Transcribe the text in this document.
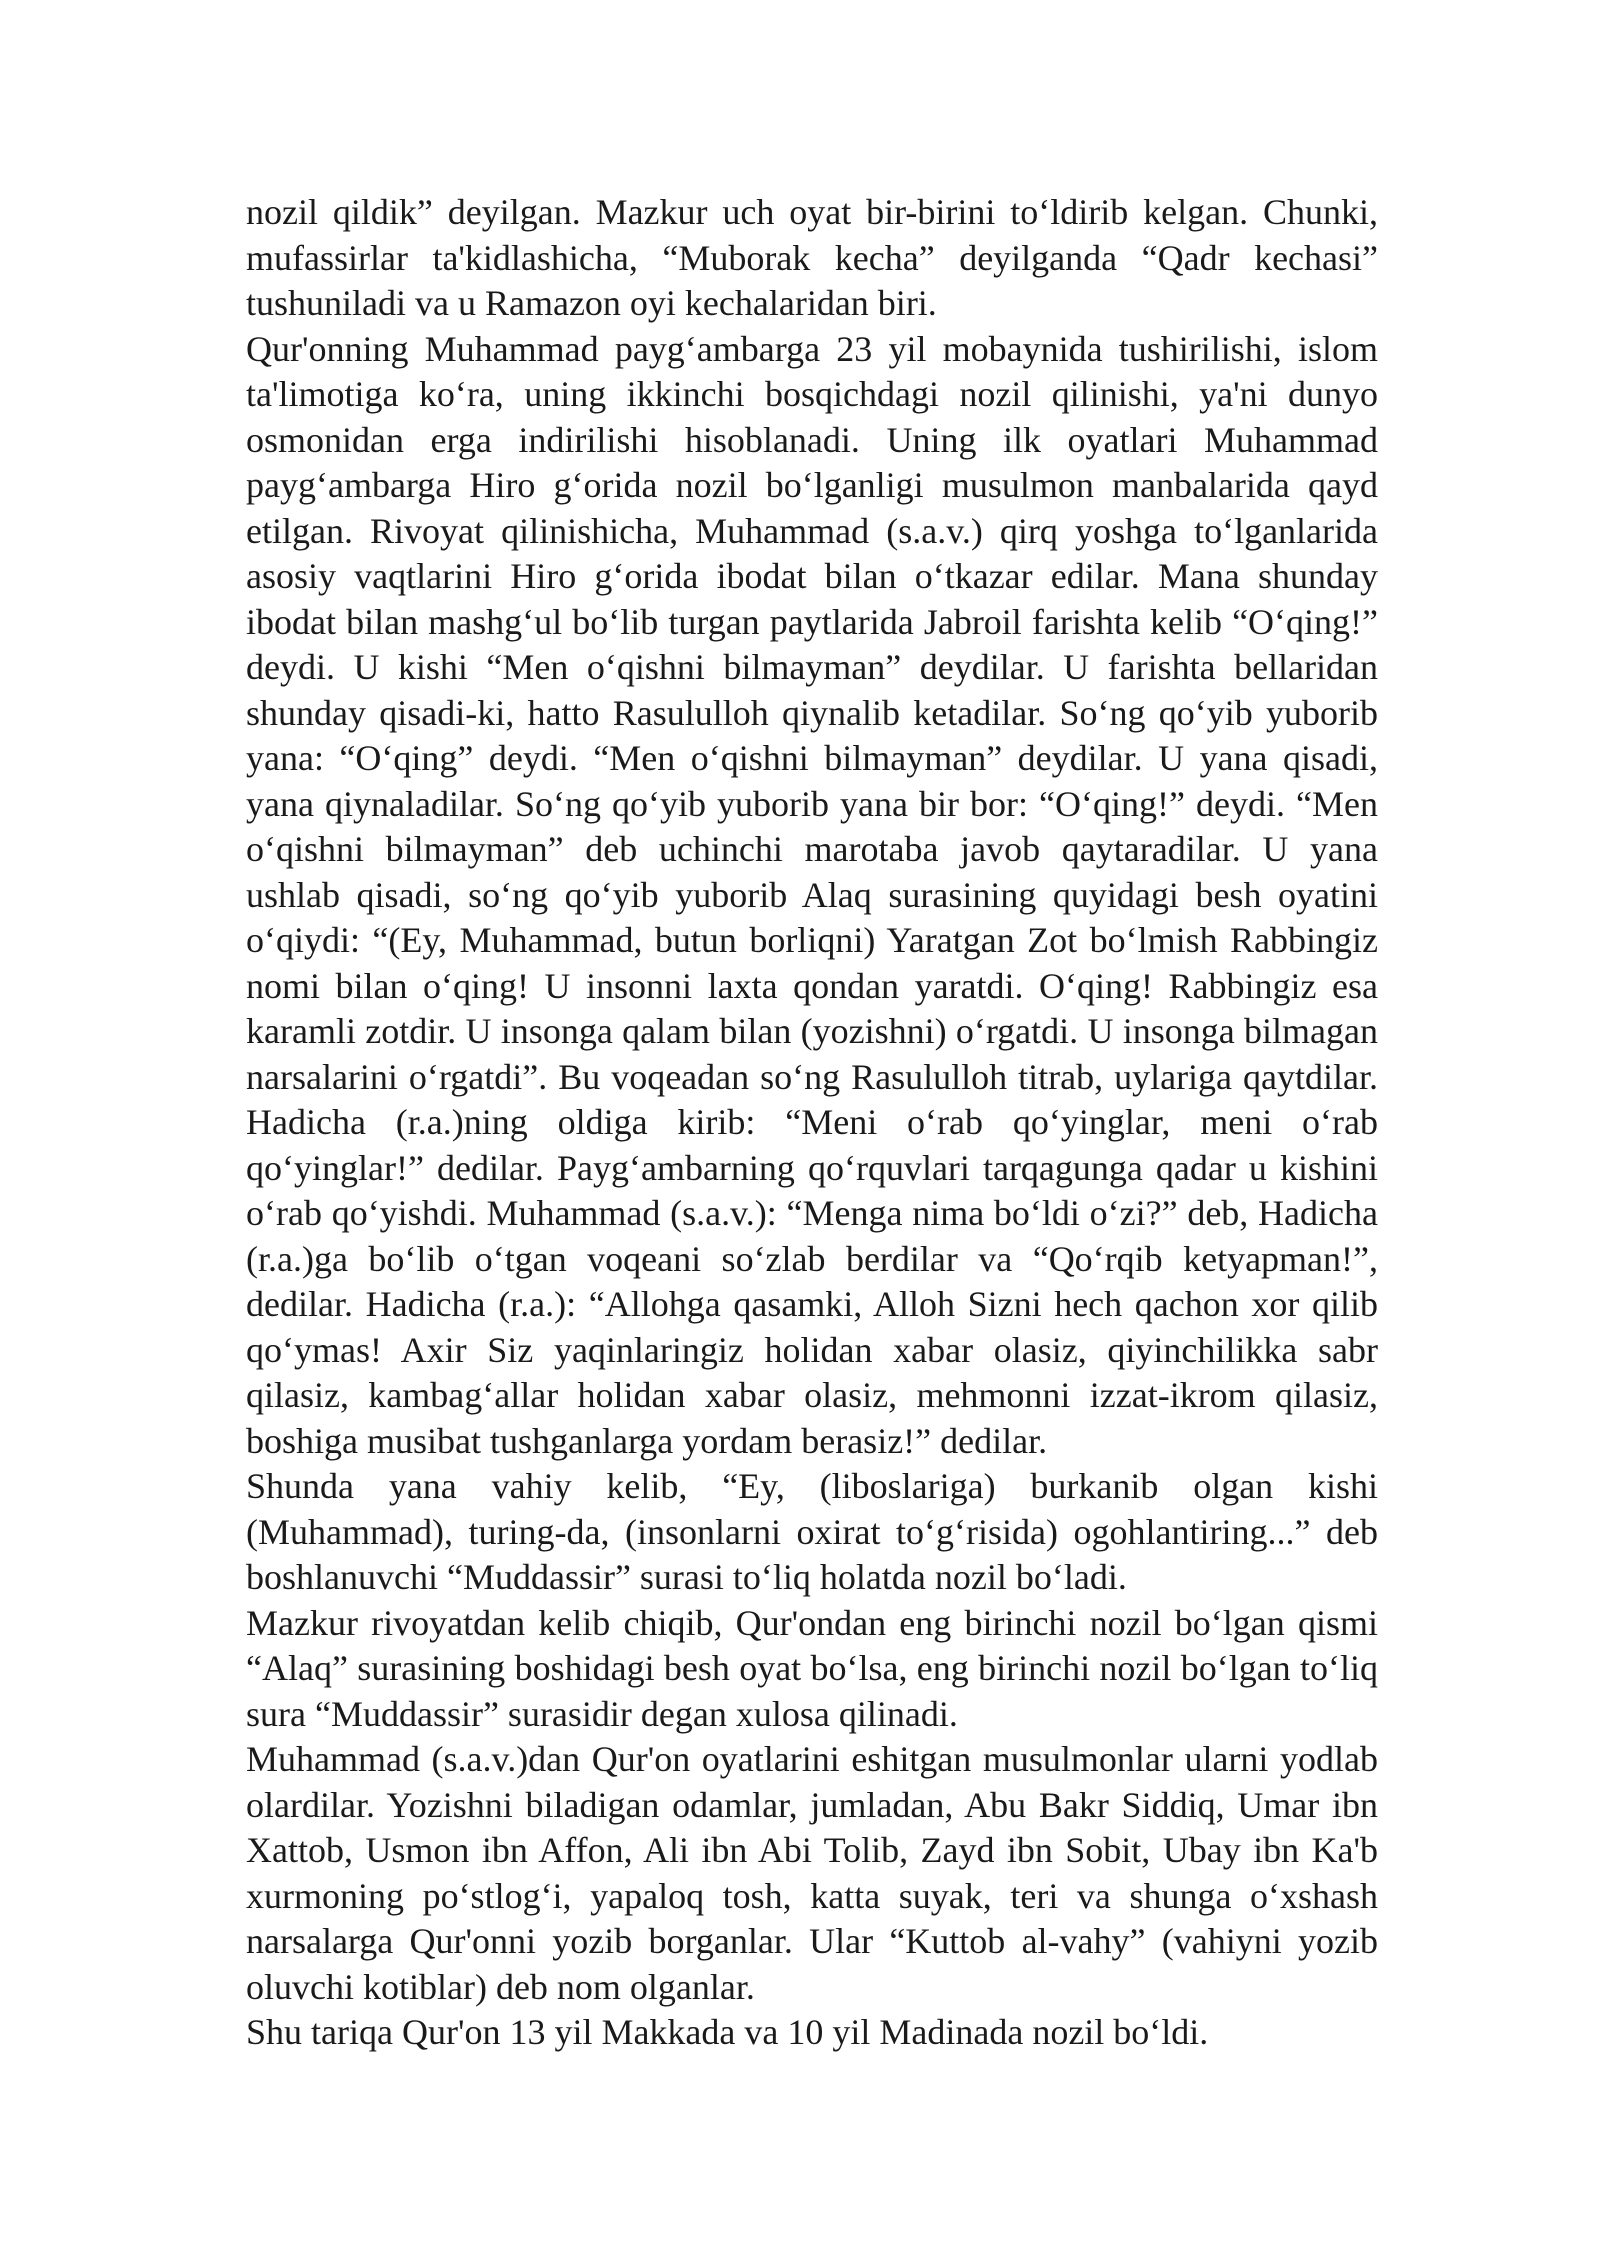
nozil qildik” deyilgan. Mazkur uch oyat bir-birini to‘ldirib kelgan. Chunki, mufassirlar ta'kidlashicha, “Muborak kecha” deyilganda “Qadr kechasi” tushuniladi va u Ramazon oyi kechalaridan biri.

Qur'onning Muhammad payg‘ambarga 23 yil mobaynida tushirilishi, islom ta'limotiga ko‘ra, uning ikkinchi bosqichdagi nozil qilinishi, ya'ni dunyo osmonidan erga indirilishi hisoblanadi. Uning ilk oyatlari Muhammad payg‘ambarga Hiro g‘orida nozil bo‘lganligi musulmon manbalarida qayd etilgan. Rivoyat qilinishicha, Muhammad (s.a.v.) qirq yoshga to‘lganlarida asosiy vaqtlarini Hiro g‘orida ibodat bilan o‘tkazar edilar. Mana shunday ibodat bilan mashg‘ul bo‘lib turgan paytlarida Jabroil farishta kelib “O‘qing!” deydi. U kishi “Men o‘qishni bilmayman” deydilar. U farishta bellaridan shunday qisadi-ki, hatto Rasululloh qiynalib ketadilar. So‘ng qo‘yib yuborib yana: “O‘qing” deydi. “Men o‘qishni bilmayman” deydilar. U yana qisadi, yana qiynaladilar. So‘ng qo‘yib yuborib yana bir bor: “O‘qing!” deydi. “Men o‘qishni bilmayman” deb uchinchi marotaba javob qaytaradilar. U yana ushlab qisadi, so‘ng qo‘yib yuborib Alaq surasining quyidagi besh oyatini o‘qiydi: “(Ey, Muhammad, butun borliqni) Yaratgan Zot bo‘lmish Rabbingiz nomi bilan o‘qing! U insonni laxta qondan yaratdi. O‘qing! Rabbingiz esa karamli zotdir. U insonga qalam bilan (yozishni) o‘rgatdi. U insonga bilmagan narsalarini o‘rgatdi”. Bu voqeadan so‘ng Rasululloh titrab, uylariga qaytdilar. Hadicha (r.a.)ning oldiga kirib: “Meni o‘rab qo‘yinglar, meni o‘rab qo‘yinglar!” dedilar. Payg‘ambarning qo‘rquvlari tarqagunga qadar u kishini o‘rab qo‘yishdi. Muhammad (s.a.v.): “Menga nima bo‘ldi o‘zi?” deb, Hadicha (r.a.)ga bo‘lib o‘tgan voqeani so‘zlab berdilar va “Qo‘rqib ketyapman!”, dedilar. Hadicha (r.a.): “Allohga qasamki, Alloh Sizni hech qachon xor qilib qo‘ymas! Axir Siz yaqinlaringiz holidan xabar olasiz, qiyinchilikka sabr qilasiz, kambag‘allar holidan xabar olasiz, mehmonni izzat-ikrom qilasiz, boshiga musibat tushganlarga yordam berasiz!” dedilar.

Shunda yana vahiy kelib, “Ey, (liboslariga) burkanib olgan kishi (Muhammad), turing-da, (insonlarni oxirat to‘g‘risida) ogohlantiring...” deb boshlanuvchi “Muddassir” surasi to‘liq holatda nozil bo‘ladi.

Mazkur rivoyatdan kelib chiqib, Qur'ondan eng birinchi nozil bo‘lgan qismi “Alaq” surasining boshidagi besh oyat bo‘lsa, eng birinchi nozil bo‘lgan to‘liq sura “Muddassir” surasidir degan xulosa qilinadi.

Muhammad (s.a.v.)dan Qur'on oyatlarini eshitgan musulmonlar ularni yodlab olardilar. Yozishni biladigan odamlar, jumladan, Abu Bakr Siddiq, Umar ibn Xattob, Usmon ibn Affon, Ali ibn Abi Tolib, Zayd ibn Sobit, Ubay ibn Ka'b xurmoning po‘stlog‘i, yapaloq tosh, katta suyak, teri va shunga o‘xshash narsalarga Qur'onni yozib borganlar. Ular “Kuttob al-vahy” (vahiyni yozib oluvchi kotiblar) deb nom olganlar.

Shu tariqa Qur'on 13 yil Makkada va 10 yil Madinada nozil bo‘ldi.
